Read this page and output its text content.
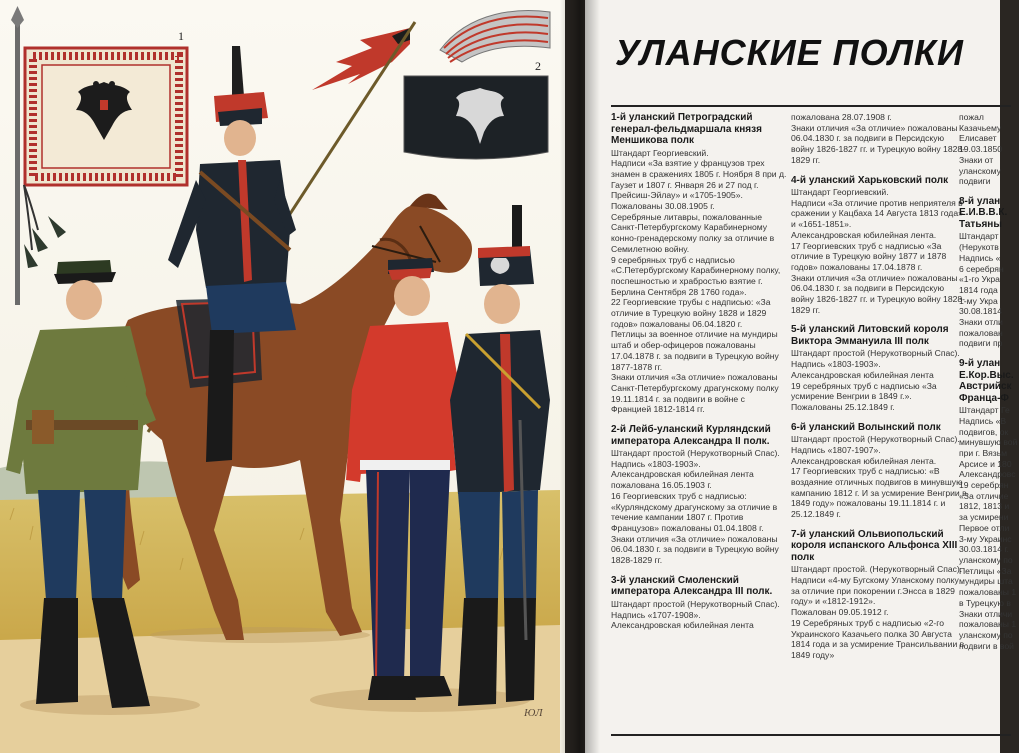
1
2
ЮЛ
УЛАНСКИЕ ПОЛКИ
1-й уланский Петроградский генерал-фельдмаршала князя Меншикова полк

Штандарт Георгиевский.
Надписи «За взятие у французов трех знамен в сражениях 1805 г. Ноября 8 при д. Гаузет и 1807 г. Января 26 и 27 под г. Прейсиш-Эйлау» и «1705-1905». Пожалованы 30.08.1905 г.
Серебряные литавры, пожалованные Санкт-Петербургскому Карабинерному конно-гренадерскому полку за отличие в Семилетною войну.
9 серебряных труб с надписью «С.Петербургскому Карабинерному полку, поспешностью и храбростью взятие г. Берлина Сентября 28 1760 года».
22 Георгиевские трубы с надписью: «За отличие в Турецкую войну 1828 и 1829 годов» пожалованы 06.04.1820 г.
Петлицы за военное отличие на мундиры штаб и обер-офицеров пожалованы 17.04.1878 г. за подвиги в Турецкую войну 1877-1878 гг.
Знаки отличия «За отличие» пожалованы Санкт-Петербургскому драгунскому полку 19.11.1814 г. за подвиги в войне с Францией 1812-1814 гг.

2-й Лейб-уланский Курляндский императора Александра II полк.

Штандарт простой (Нерукотворный Спас).
Надпись «1803-1903».
Александровская юбилейная лента пожалована 16.05.1903 г.
16 Георгиевских труб с надписью: «Курляндскому драгунскому за отличие в течение кампании 1807 г. Против Французов» пожалованы 01.04.1808 г.
Знаки отличия «За отличие» пожалованы 06.04.1830 г. за подвиги в Турецкую войну 1828-1829 гг.

3-й уланский Смоленский императора Александра III полк.

Штандарт простой (Нерукотворный Спас).
Надпись «1707-1908».
Александровская юбилейная лента

пожалована 28.07.1908 г.
Знаки отличия «За отличие» пожалованы 06.04.1830 г. за подвиги в Персидскую войну 1826-1827 гг. и Турецкую войну 1828-1829 гг.

4-й уланский Харьковский полк

Штандарт Георгиевский.
Надписи «За отличие против неприятеля в сражении у Кацбаха 14 Августа 1813 года» и «1651-1851».
Александровская юбилейная лента.
17 Георгиевских труб с надписью «За отличие в Турецкую войну 1877 и 1878 годов» пожалованы 17.04.1878 г.
Знаки отличия «За отличие» пожалованы 06.04.1830 г. за подвиги в Персидскую войну 1826-1827 гг. и Турецкую войну 1828-1829 гг.

5-й уланский Литовский короля Виктора Эммануила III полк

Штандарт простой (Нерукотворный Спас).
Надпись «1803-1903».
Александровская юбилейная лента
19 серебряных труб с надписью «За усмирение Венгрии в 1849 г.».
Пожалованы 25.12.1849 г.

6-й уланский Волынский полк

Штандарт простой (Нерукотворный Спас).
Надпись «1807-1907».
Александровская юбилейная лента.
17 Георгиевских труб с надписью: «В воздаяние отличных подвигов в минувшую кампанию 1812 г. И за усмирение Венгрии в 1849 году» пожалованы 19.11.1814 г. и 25.12.1849 г.

7-й уланский Ольвиопольский короля испанского Альфонса XIII полк

Штандарт простой. (Нерукотворный Спас).
Надписи «4-му Бугскому Уланскому полку за отличие при покорении г.Энсса в 1829 году» и «1812-1912».
Пожалован 09.05.1912 г.
19 Серебряных труб с надписью «2-го Украинского Казачьего полка 30 Августа 1814 года и за усмирение Трансильвании в 1849 году»

пожал
Казачьему
Елисавет
19.03.1850
Знаки от
уланскому
подвиги

8-й улан Е.И.В.В.К. Татьяны

Штандарт (Нерукотв
Надпись «
6 серебрян
«1-го Укра
1814 года
1-му Укра
30.08.1814
Знаки отли
пожалован
подвиги пр

9-й улан Е.Кор.Выс. Австрийск Франца-Ф

Штандарт Ге
Надпись «В
подвигов, ок
минувшую вой
при г. Вязьм
Арсисе и 180
Александровс
19 серебрян
«За отличие
1812, 1813 и
за усмирени
Первое отли
3-му Украинс
30.03.1814 г.
уланскому по
Петлицы «За
мундиры шта
пожалованы 1
в Турецкую в
Знаки отличи
пожалованы 1
уланскому по
подвиги в вой
